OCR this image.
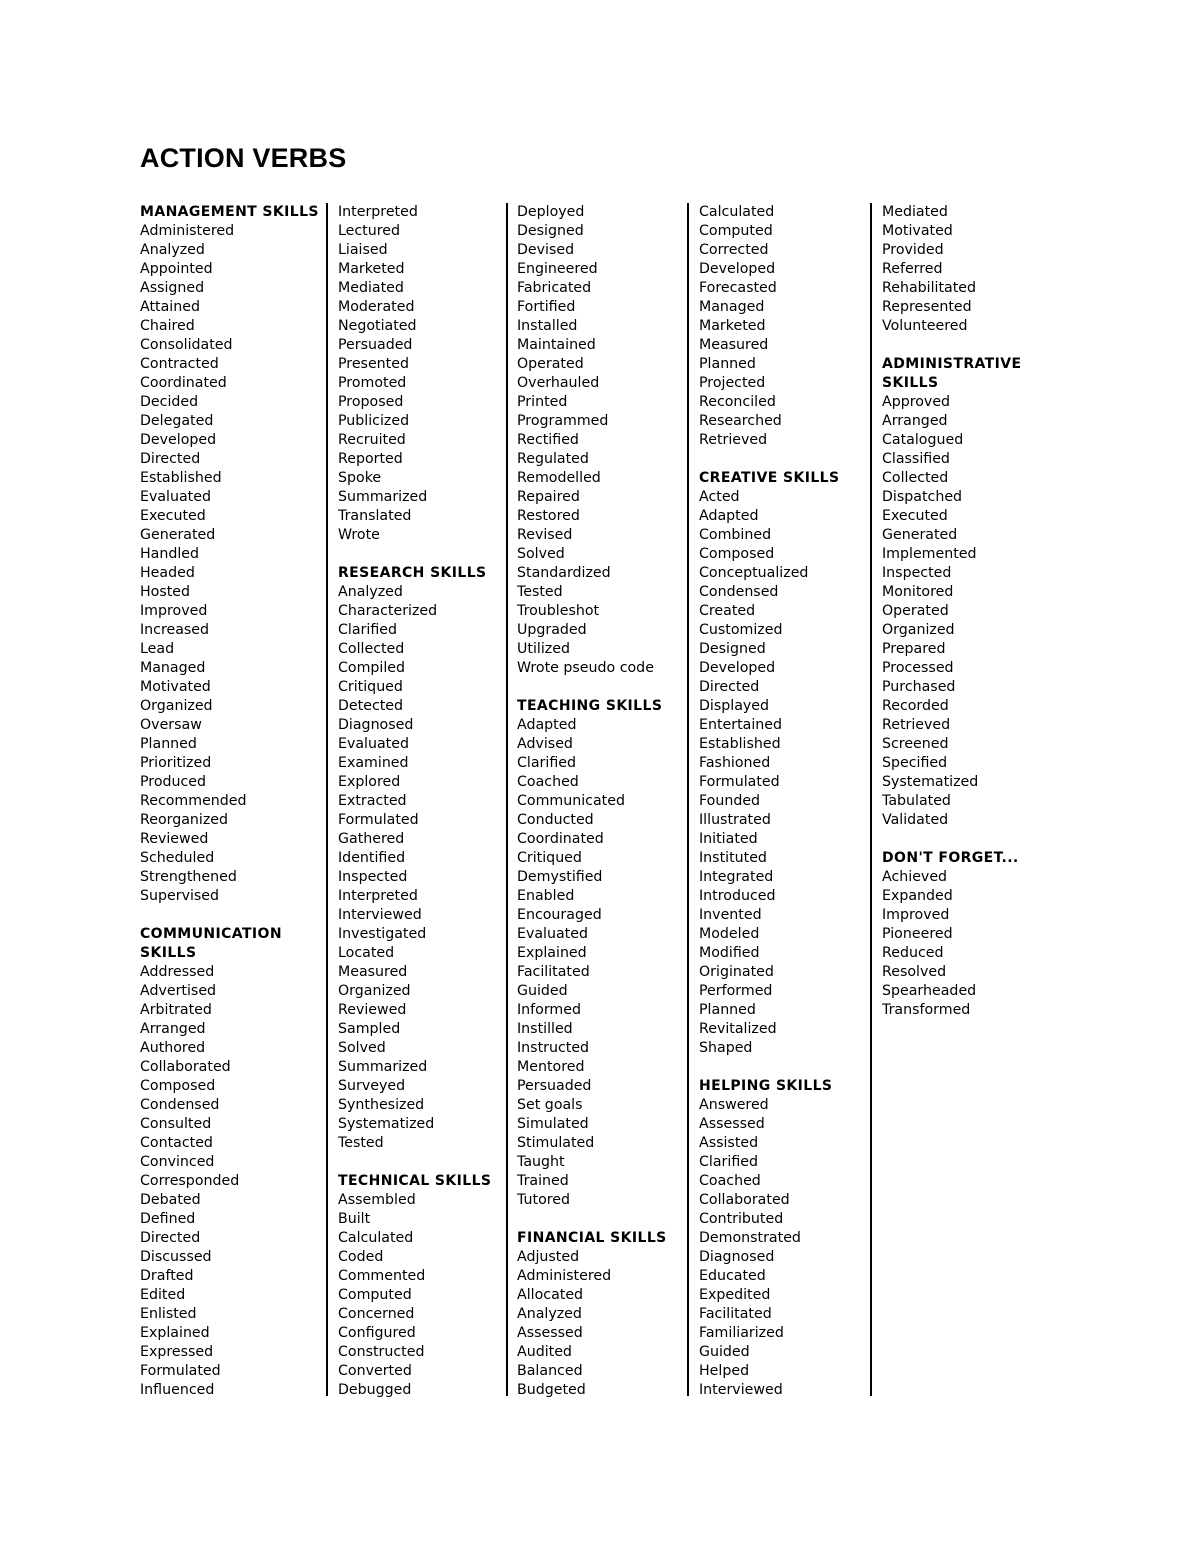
ACTION VERBS
MANAGEMENT SKILLS
Administered
Analyzed
Appointed
Assigned
Attained
Chaired
Consolidated
Contracted
Coordinated
Decided
Delegated
Developed
Directed
Established
Evaluated
Executed
Generated
Handled
Headed
Hosted
Improved
Increased
Lead
Managed
Motivated
Organized
Oversaw
Planned
Prioritized
Produced
Recommended
Reorganized
Reviewed
Scheduled
Strengthened
Supervised
COMMUNICATION SKILLS
Addressed
Advertised
Arbitrated
Arranged
Authored
Collaborated
Composed
Condensed
Consulted
Contacted
Convinced
Corresponded
Debated
Defined
Directed
Discussed
Drafted
Edited
Enlisted
Explained
Expressed
Formulated
Influenced
Interpreted
Lectured
Liaised
Marketed
Mediated
Moderated
Negotiated
Persuaded
Presented
Promoted
Proposed
Publicized
Recruited
Reported
Spoke
Summarized
Translated
Wrote
RESEARCH SKILLS
Analyzed
Characterized
Clarified
Collected
Compiled
Critiqued
Detected
Diagnosed
Evaluated
Examined
Explored
Extracted
Formulated
Gathered
Identified
Inspected
Interpreted
Interviewed
Investigated
Located
Measured
Organized
Reviewed
Sampled
Solved
Summarized
Surveyed
Synthesized
Systematized
Tested
TECHNICAL SKILLS
Assembled
Built
Calculated
Coded
Commented
Computed
Concerned
Configured
Constructed
Converted
Debugged
Deployed
Designed
Devised
Engineered
Fabricated
Fortified
Installed
Maintained
Operated
Overhauled
Printed
Programmed
Rectified
Regulated
Remodelled
Repaired
Restored
Revised
Solved
Standardized
Tested
Troubleshot
Upgraded
Utilized
Wrote pseudo code
TEACHING SKILLS
Adapted
Advised
Clarified
Coached
Communicated
Conducted
Coordinated
Critiqued
Demystified
Enabled
Encouraged
Evaluated
Explained
Facilitated
Guided
Informed
Instilled
Instructed
Mentored
Persuaded
Set goals
Simulated
Stimulated
Taught
Trained
Tutored
FINANCIAL SKILLS
Adjusted
Administered
Allocated
Analyzed
Assessed
Audited
Balanced
Budgeted
Calculated
Computed
Corrected
Developed
Forecasted
Managed
Marketed
Measured
Planned
Projected
Reconciled
Researched
Retrieved
CREATIVE SKILLS
Acted
Adapted
Combined
Composed
Conceptualized
Condensed
Created
Customized
Designed
Developed
Directed
Displayed
Entertained
Established
Fashioned
Formulated
Founded
Illustrated
Initiated
Instituted
Integrated
Introduced
Invented
Modeled
Modified
Originated
Performed
Planned
Revitalized
Shaped
HELPING SKILLS
Answered
Assessed
Assisted
Clarified
Coached
Collaborated
Contributed
Demonstrated
Diagnosed
Educated
Expedited
Facilitated
Familiarized
Guided
Helped
Interviewed
Mediated
Motivated
Provided
Referred
Rehabilitated
Represented
Volunteered
ADMINISTRATIVE SKILLS
Approved
Arranged
Catalogued
Classified
Collected
Dispatched
Executed
Generated
Implemented
Inspected
Monitored
Operated
Organized
Prepared
Processed
Purchased
Recorded
Retrieved
Screened
Specified
Systematized
Tabulated
Validated
DON'T FORGET...
Achieved
Expanded
Improved
Pioneered
Reduced
Resolved
Spearheaded
Transformed
